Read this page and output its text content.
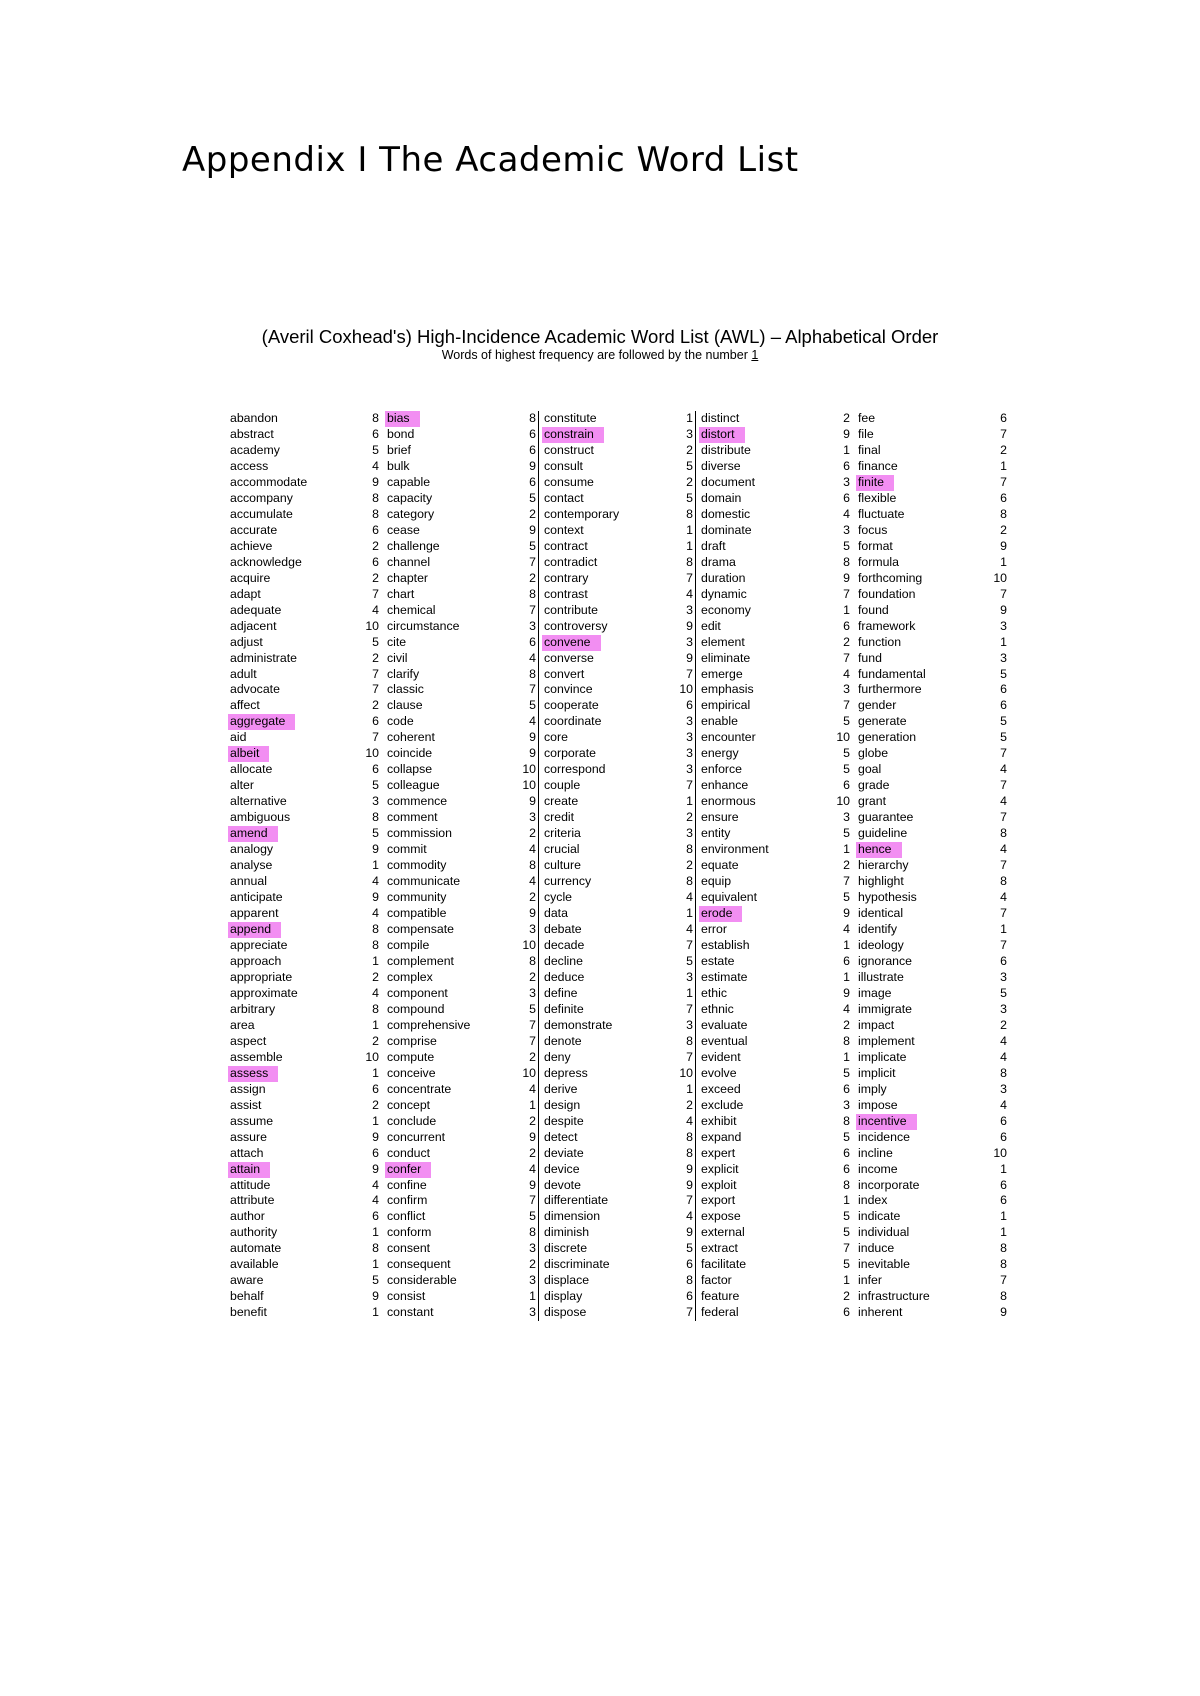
Appendix I The Academic Word List
(Averil Coxhead's) High-Incidence Academic Word List (AWL) – Alphabetical Order
Words of highest frequency are followed by the number 1
abandon	8
abstract	6
academy	5
access	4
accommodate	9
accompany	8
accumulate	8
accurate	6
achieve	2
acknowledge	6
acquire	2
adapt	7
adequate	4
adjacent	10
adjust	5
administrate	2
adult	7
advocate	7
affect	2
aggregate	6
aid	7
albeit	10
allocate	6
alter	5
alternative	3
ambiguous	8
amend	5
analogy	9
analyse	1
annual	4
anticipate	9
apparent	4
append	8
appreciate	8
approach	1
appropriate	2
approximate	4
arbitrary	8
area	1
aspect	2
assemble	10
assess	1
assign	6
assist	2
assume	1
assure	9
attach	6
attain	9
attitude	4
attribute	4
author	6
authority	1
automate	8
available	1
aware	5
behalf	9
benefit	1
bias	8
bond	6
brief	6
bulk	9
capable	6
capacity	5
category	2
cease	9
challenge	5
channel	7
chapter	2
chart	8
chemical	7
circumstance	3
cite	6
civil	4
clarify	8
classic	7
clause	5
code	4
coherent	9
coincide	9
collapse	10
colleague	10
commence	9
comment	3
commission	2
commit	4
commodity	8
communicate	4
community	2
compatible	9
compensate	3
compile	10
complement	8
complex	2
component	3
compound	5
comprehensive	7
comprise	7
compute	2
conceive	10
concentrate	4
concept	1
conclude	2
concurrent	9
conduct	2
confer	4
confine	9
confirm	7
conflict	5
conform	8
consent	3
consequent	2
considerable	3
consist	1
constant	3
constitute	1
constrain	3
construct	2
consult	5
consume	2
contact	5
contemporary	8
context	1
contract	1
contradict	8
contrary	7
contrast	4
contribute	3
controversy	9
convene	3
converse	9
convert	7
convince	10
cooperate	6
coordinate	3
core	3
corporate	3
correspond	3
couple	7
create	1
credit	2
criteria	3
crucial	8
culture	2
currency	8
cycle	4
data	1
debate	4
decade	7
decline	5
deduce	3
define	1
definite	7
demonstrate	3
denote	8
deny	7
depress	10
derive	1
design	2
despite	4
detect	8
deviate	8
device	9
devote	9
differentiate	7
dimension	4
diminish	9
discrete	5
discriminate	6
displace	8
display	6
dispose	7
distinct	2
distort	9
distribute	1
diverse	6
document	3
domain	6
domestic	4
dominate	3
draft	5
drama	8
duration	9
dynamic	7
economy	1
edit	6
element	2
eliminate	7
emerge	4
emphasis	3
empirical	7
enable	5
encounter	10
energy	5
enforce	5
enhance	6
enormous	10
ensure	3
entity	5
environment	1
equate	2
equip	7
equivalent	5
erode	9
error	4
establish	1
estate	6
estimate	1
ethic	9
ethnic	4
evaluate	2
eventual	8
evident	1
evolve	5
exceed	6
exclude	3
exhibit	8
expand	5
expert	6
explicit	6
exploit	8
export	1
expose	5
external	5
extract	7
facilitate	5
factor	1
feature	2
federal	6
fee	6
file	7
final	2
finance	1
finite	7
flexible	6
fluctuate	8
focus	2
format	9
formula	1
forthcoming	10
foundation	7
found	9
framework	3
function	1
fund	3
fundamental	5
furthermore	6
gender	6
generate	5
generation	5
globe	7
goal	4
grade	7
grant	4
guarantee	7
guideline	8
hence	4
hierarchy	7
highlight	8
hypothesis	4
identical	7
identify	1
ideology	7
ignorance	6
illustrate	3
image	5
immigrate	3
impact	2
implement	4
implicate	4
implicit	8
imply	3
impose	4
incentive	6
incidence	6
incline	10
income	1
incorporate	6
index	6
indicate	1
individual	1
induce	8
inevitable	8
infer	7
infrastructure	8
inherent	9
